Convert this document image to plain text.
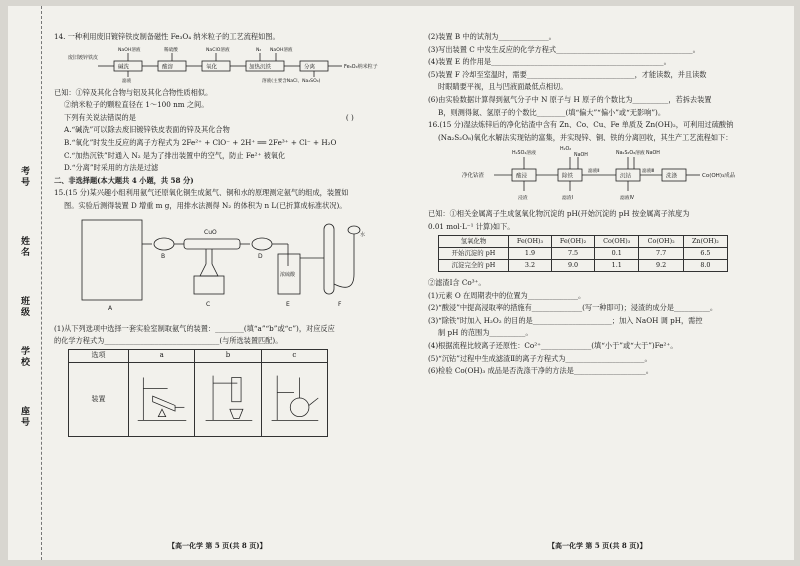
考号
姓名
班级
学校
座号
14. 一种利用废旧镀锌铁皮制备磁性 Fe₃O₄ 纳米粒子的工艺流程如图。
废旧镀锌铁皮
碱洗	酸溶	氧化	加热沉铁	分离
NaOH溶液	稀硫酸	NaClO溶液	N₂ NaOH溶液
Fe₃O₄纳米粒子
滤液	溶液(主要含NaCl、Na₂SO₄)
已知：①锌及其化合物与铝及其化合物性质相似。
②纳米粒子的颗粒直径在 1～100 nm 之间。
下列有关说法错误的是	( )
A.“碱洗”可以除去废旧镀锌铁皮表面的锌及其化合物
B.“氧化”时发生反应的离子方程式为 2Fe²⁺ + ClO⁻ + 2H⁺ ══ 2Fe³⁺ + Cl⁻ + H₂O
C.“加热沉铁”时通入 N₂ 是为了排出装置中的空气，防止 Fe²⁺ 被氧化
D.“分离”时采用的方法是过滤
二、非选择题(本大题共 4 小题，共 58 分)
15.(15 分)某兴趣小组利用氨气还原氧化铜生成氮气、铜和水的原理测定氨气的组成，装置如
图。实验后测得装置 D 增重 m g，用排水法测得 N₂ 的体积为 n L(已折算成标准状况)。
A
B
CuO
C
D
浓硫酸
E
水
F
(1)从下列选项中选择一套实验室制取氨气的装置：________(填“a”“b”或“c”)，对应反应
的化学方程式为________________________________(与所选装置匹配)。
选项	a	b	c
装置			
(2)装置 B 中的试剂为______________。
(3)写出装置 C 中发生反应的化学方程式______________________________________。
(4)装置 E 的作用是________________________________________________。
(5)装置 F 冷却至室温时，需要______________________________，才能读数，并且读数
时眼睛要平视，且与凹液面最低点相切。
(6)由实验数据计算得到氨气分子中 N 原子与 H 原子的个数比为__________，若拆去装置
B，则测得氮、氢原子的个数比________(填“偏大”“偏小”或“无影响”)。
16.(15 分)湿法炼锌后的净化钴渣中含有 Zn、Co、Cu、Fe 单质及 Zn(OH)₂，可利用过硫酸钠
(Na₂S₂O₈)氧化水解法实现钴的富集，并实现锌、铜、铁的分离回收，其生产工艺流程如下：
净化钴渣	酸浸	除铁	沉钴	洗涤	Co(OH)₃成品
H₂SO₄溶液
H₂O₂
NaOH	Na₂S₂O₈溶液 NaOH
滤液Ⅱ	滤液Ⅲ
浸渣	滤渣Ⅰ	滤液Ⅳ
已知：①相关金属离子生成氢氧化物沉淀的 pH(开始沉淀的 pH 按金属离子浓度为
0.01 mol·L⁻¹ 计算)如下。
氢氧化物	Fe(OH)₃	Fe(OH)₂	Co(OH)₃	Co(OH)₂	Zn(OH)₂
开始沉淀的 pH	1.9	7.5	0.1	7.7	6.5
沉淀完全的 pH	3.2	9.0	1.1	9.2	8.0
②滤渣Ⅰ含 Co³⁺。
(1)元素 O 在周期表中的位置为______________。
(2)“酸浸”中提高浸取率的措施有______________(写一种即可)；浸渣的成分是__________。
(3)“除铁”时加入 H₂O₂ 的目的是______________________；加入 NaOH 调 pH，需控
制 pH 的范围为__________。
(4)根据流程比较离子还原性：Co²⁺______________(填“小于”或“大于”)Fe²⁺。
(5)“沉钴”过程中生成滤渣Ⅱ的离子方程式为______________________。
(6)检验 Co(OH)₃ 成品是否洗涤干净的方法是____________________。
【高一化学 第 5 页(共 8 页)】	【高一化学 第 5 页(共 8 页)】
